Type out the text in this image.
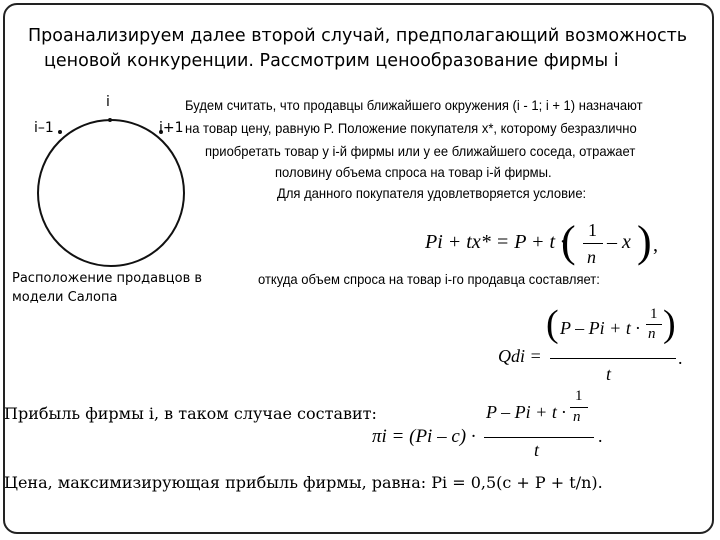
Проанализируем далее второй случай, предполагающий возможность
ценовой конкуренции. Рассмотрим ценообразование фирмы i
i
i–1	i+1
Расположение продавцов в
модели Салопа
Будем считать, что продавцы ближайшего окружения (i - 1; i + 1) назначают
на товар цену, равную P. Положение покупателя x*, которому безразлично
приобретать товар у i-й фирмы или у ее ближайшего соседа, отражает
половину объема спроса на товар i-й фирмы.
Для данного покупателя удовлетворяется условие:
Pi + tx* = P + t ·
( 1
n
– x ) ,
откуда объем спроса на товар i-го продавца составляет:
Qdi =
( P – Pi + t ·
1
n )
t
.
Прибыль фирмы i, в таком случае составит:
πi = (Pi – c) ·
P – Pi + t ·
1
n
t
.
Цена, максимизирующая прибыль фирмы, равна: Pi = 0,5(c + P + t/n).
